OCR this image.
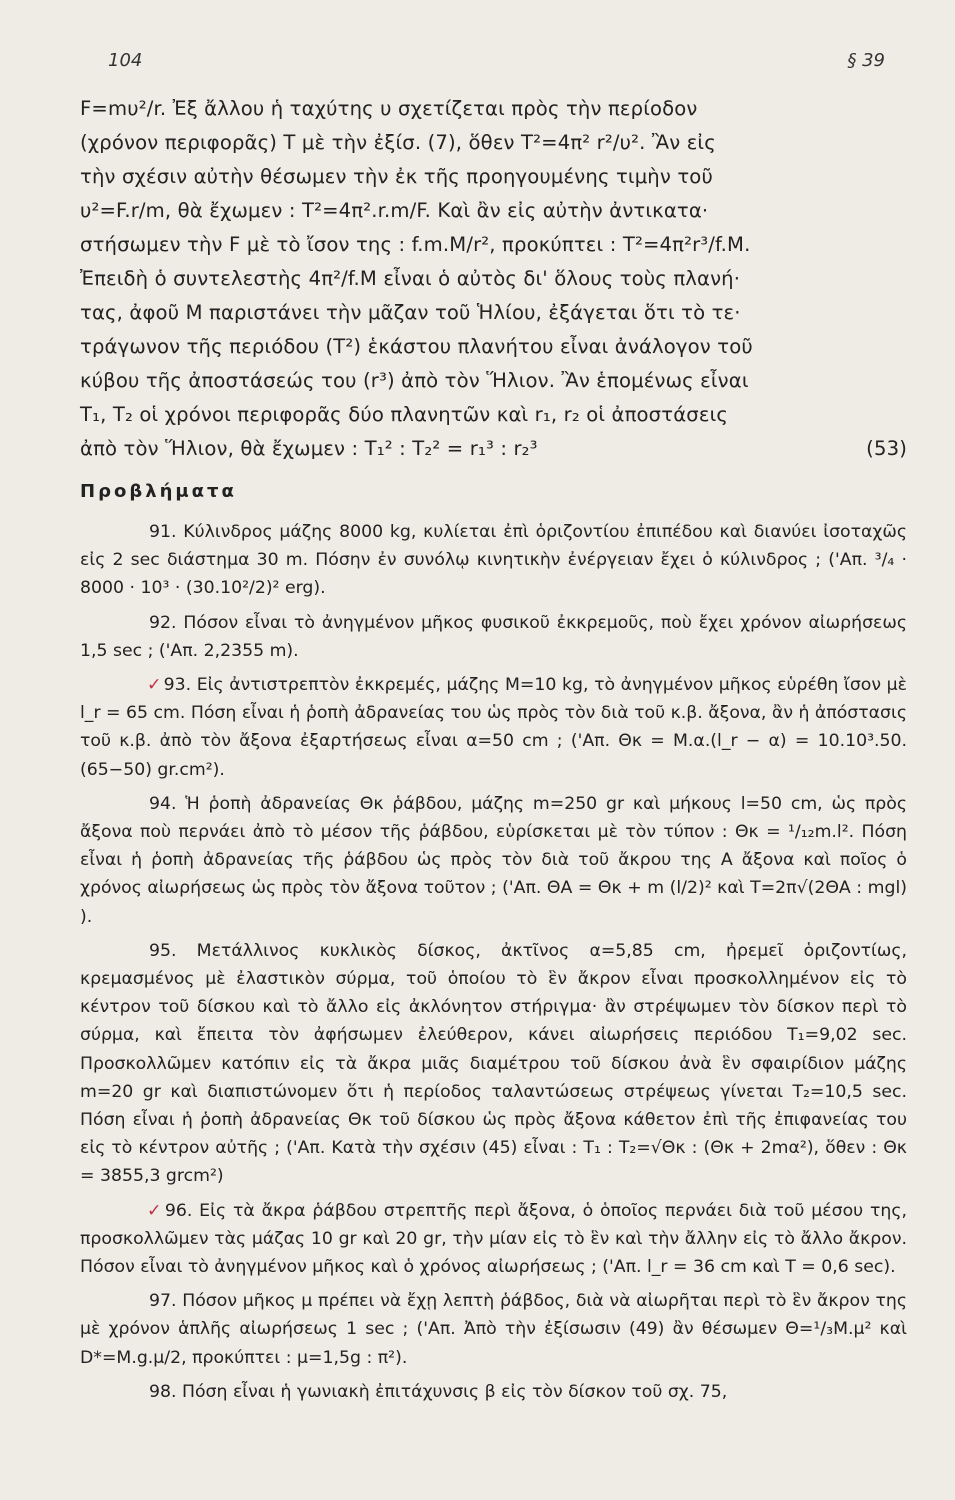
104	§ 39
F=mυ²/r. Ἐξ ἄλλου ἡ ταχύτης υ σχετίζεται πρὸς τὴν περίοδον
(χρόνον περιφορᾶς) T μὲ τὴν ἐξίσ. (7), ὅθεν T²=4π² r²/υ². Ἂν εἰς
τὴν σχέσιν αὐτὴν θέσωμεν τὴν ἐκ τῆς προηγουμένης τιμὴν τοῦ
υ²=F.r/m, θὰ ἔχωμεν : T²=4π².r.m/F. Καὶ ἂν εἰς αὐτὴν ἀντικατα·
στήσωμεν τὴν F μὲ τὸ ἴσον της : f.m.M/r², προκύπτει : T²=4π²r³/f.M.
Ἐπειδὴ ὁ συντελεστὴς 4π²/f.M εἶναι ὁ αὐτὸς δι' ὅλους τοὺς πλανή·
τας, ἀφοῦ M παριστάνει τὴν μᾶζαν τοῦ Ἡλίου, ἐξάγεται ὅτι τὸ τε·
τράγωνον τῆς περιόδου (T²) ἑκάστου πλανήτου εἶναι ἀνάλογον τοῦ
κύβου τῆς ἀποστάσεώς του (r³) ἀπὸ τὸν Ἥλιον. Ἂν ἑπομένως εἶναι
T₁, T₂ οἱ χρόνοι περιφορᾶς δύο πλανητῶν καὶ r₁, r₂ οἱ ἀποστάσεις
ἀπὸ τὸν Ἥλιον, θὰ ἔχωμεν : T₁² : T₂² = r₁³ : r₂³	(53)
Προβλήματα

91. Κύλινδρος μάζης 8000 kg, κυλίεται ἐπὶ ὁριζοντίου ἐπιπέδου καὶ διανύει ἰσοταχῶς εἰς 2 sec διάστημα 30 m. Πόσην ἐν συνόλῳ κινητικὴν ἐνέργειαν ἔχει ὁ κύλινδρος ; ('Απ. ³/₄ · 8000 · 10³ · (30.10²/2)² erg).

92. Πόσον εἶναι τὸ ἀνηγμένον μῆκος φυσικοῦ ἐκκρεμοῦς, ποὺ ἔχει χρόνον αἰωρήσεως 1,5 sec ; ('Απ. 2,2355 m).

✓ 93. Εἰς ἀντιστρεπτὸν ἐκκρεμές, μάζης M=10 kg, τὸ ἀνηγμένον μῆκος εὑρέθη ἴσον μὲ l_r = 65 cm. Πόση εἶναι ἡ ῥοπὴ ἀδρανείας του ὡς πρὸς τὸν διὰ τοῦ κ.β. ἄξονα, ἂν ἡ ἀπόστασις τοῦ κ.β. ἀπὸ τὸν ἄξονα ἐξαρτήσεως εἶναι α=50 cm ; ('Απ. Θκ = M.α.(l_r − α) = 10.10³.50.(65−50) gr.cm²).

94. Ἡ ῥοπὴ ἀδρανείας Θκ ῥάβδου, μάζης m=250 gr καὶ μήκους l=50 cm, ὡς πρὸς ἄξονα ποὺ περνάει ἀπὸ τὸ μέσον τῆς ῥάβδου, εὑρίσκεται μὲ τὸν τύπον : Θκ = ¹/₁₂m.l². Πόση εἶναι ἡ ῥοπὴ ἀδρανείας τῆς ῥάβδου ὡς πρὸς τὸν διὰ τοῦ ἄκρου της A ἄξονα καὶ ποῖος ὁ χρόνος αἰωρήσεως ὡς πρὸς τὸν ἄξονα τοῦτον ; ('Απ. ΘA = Θκ + m (l/2)² καὶ T=2π√(2ΘA : mgl) ).

95. Μετάλλινος κυκλικὸς δίσκος, ἀκτῖνος α=5,85 cm, ἠρεμεῖ ὁριζοντίως, κρεμασμένος μὲ ἐλαστικὸν σύρμα, τοῦ ὁποίου τὸ ἓν ἄκρον εἶναι προσκολλημένον εἰς τὸ κέντρον τοῦ δίσκου καὶ τὸ ἄλλο εἰς ἀκλόνητον στήριγμα· ἂν στρέψωμεν τὸν δίσκον περὶ τὸ σύρμα, καὶ ἔπειτα τὸν ἀφήσωμεν ἐλεύθερον, κάνει αἰωρήσεις περιόδου T₁=9,02 sec. Προσκολλῶμεν κατόπιν εἰς τὰ ἄκρα μιᾶς διαμέτρου τοῦ δίσκου ἀνὰ ἓν σφαιρίδιον μάζης m=20 gr καὶ διαπιστώνομεν ὅτι ἡ περίοδος ταλαντώσεως στρέψεως γίνεται T₂=10,5 sec. Πόση εἶναι ἡ ῥοπὴ ἀδρανείας Θκ τοῦ δίσκου ὡς πρὸς ἄξονα κάθετον ἐπὶ τῆς ἐπιφανείας του εἰς τὸ κέντρον αὐτῆς ; ('Απ. Κατὰ τὴν σχέσιν (45) εἶναι : T₁ : T₂=√Θκ : (Θκ + 2mα²), ὅθεν : Θκ = 3855,3 grcm²)

✓ 96. Εἰς τὰ ἄκρα ῥάβδου στρεπτῆς περὶ ἄξονα, ὁ ὁποῖος περνάει διὰ τοῦ μέσου της, προσκολλῶμεν τὰς μάζας 10 gr καὶ 20 gr, τὴν μίαν εἰς τὸ ἓν καὶ τὴν ἄλλην εἰς τὸ ἄλλο ἄκρον. Πόσον εἶναι τὸ ἀνηγμένον μῆκος καὶ ὁ χρόνος αἰωρήσεως ; ('Απ. l_r = 36 cm καὶ T = 0,6 sec).

97. Πόσον μῆκος μ πρέπει νὰ ἔχῃ λεπτὴ ῥάβδος, διὰ νὰ αἰωρῆται περὶ τὸ ἓν ἄκρον της μὲ χρόνον ἁπλῆς αἰωρήσεως 1 sec ; ('Απ. Ἀπὸ τὴν ἐξίσωσιν (49) ἂν θέσωμεν Θ=¹/₃M.μ² καὶ D*=M.g.μ/2, προκύπτει : μ=1,5g : π²).

98. Πόση εἶναι ἡ γωνιακὴ ἐπιτάχυνσις β εἰς τὸν δίσκον τοῦ σχ. 75,
